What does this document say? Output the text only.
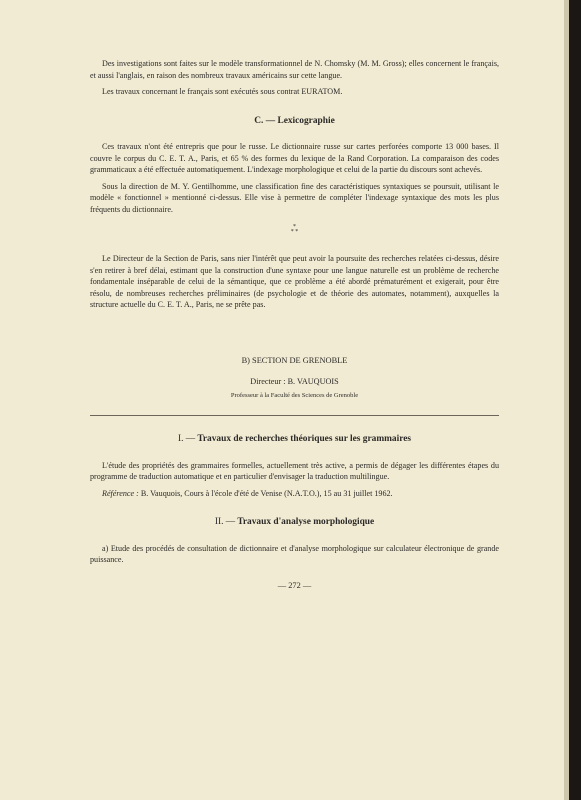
Des investigations sont faites sur le modèle transformationnel de N. Chomsky (M. M. Gross); elles concernent le français, et aussi l'anglais, en raison des nombreux travaux américains sur cette langue.

Les travaux concernant le français sont exécutés sous contrat EURATOM.

C. — Lexicographie

Ces travaux n'ont été entrepris que pour le russe. Le dictionnaire russe sur cartes perforées comporte 13 000 bases. Il couvre le corpus du C. E. T. A., Paris, et 65 % des formes du lexique de la Rand Corporation. La comparaison des codes grammaticaux a été effectuée automatiquement. L'indexage morphologique et celui de la partie du discours sont achevés.

Sous la direction de M. Y. Gentilhomme, une classification fine des caractéristiques syntaxiques se poursuit, utilisant le modèle « fonctionnel » mentionné ci-dessus. Elle vise à permettre de compléter l'indexage syntaxique des mots les plus fréquents du dictionnaire.

*
* *

Le Directeur de la Section de Paris, sans nier l'intérêt que peut avoir la poursuite des recherches relatées ci-dessus, désire s'en retirer à bref délai, estimant que la construction d'une syntaxe pour une langue naturelle est un problème de recherche fondamentale inséparable de celui de la sémantique, que ce problème a été abordé prématurément et exigerait, pour être résolu, de nombreuses recherches préliminaires (de psychologie et de théorie des automates, notamment), auxquelles la structure actuelle du C. E. T. A., Paris, ne se prête pas.

B) SECTION DE GRENOBLE
Directeur : B. VAUQUOIS
Professeur à la Faculté des Sciences de Grenoble
I. — Travaux de recherches théoriques sur les grammaires

L'étude des propriétés des grammaires formelles, actuellement très active, a permis de dégager les différentes étapes du programme de traduction automatique et en particulier d'envisager la traduction multilingue.

Référence : B. Vauquois, Cours à l'école d'été de Venise (N.A.T.O.), 15 au 31 juillet 1962.

II. — Travaux d'analyse morphologique

a) Etude des procédés de consultation de dictionnaire et d'analyse morphologique sur calculateur électronique de grande puissance.

— 272 —
